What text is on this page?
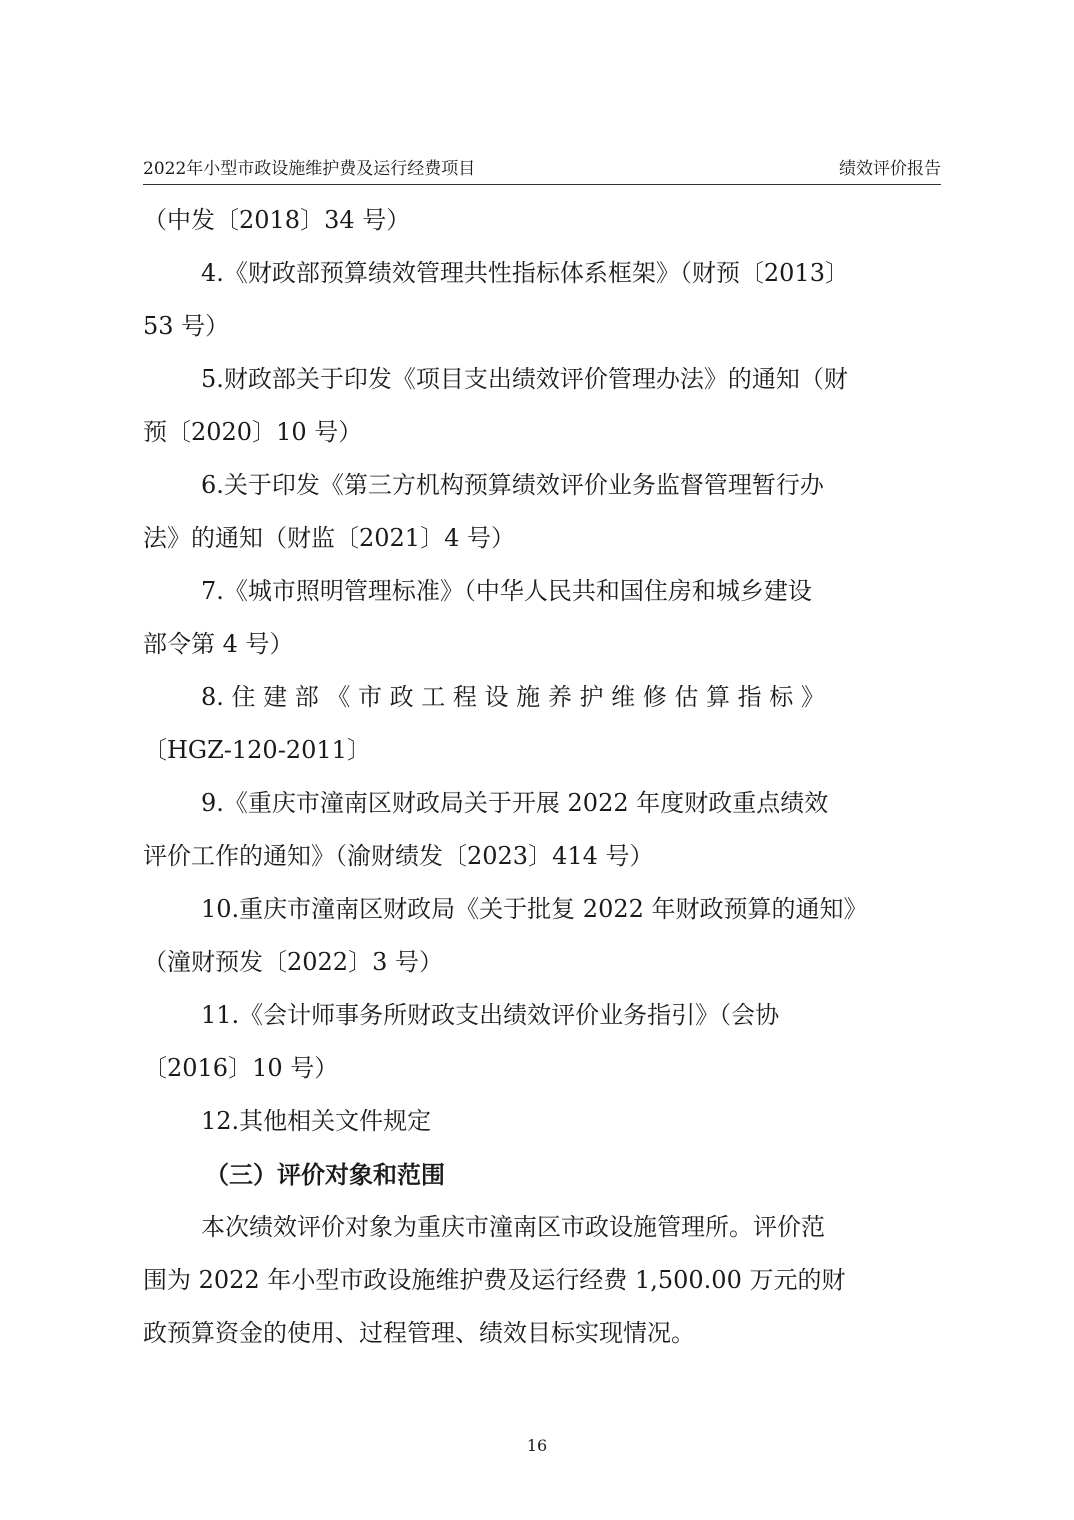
2022年小型市政设施维护费及运行经费项目	绩效评价报告

（中发〔2018〕34 号）

4.《财政部预算绩效管理共性指标体系框架》（财预〔2013〕

53 号）

5.财政部关于印发《项目支出绩效评价管理办法》的通知（财

预〔2020〕10 号）

6.关于印发《第三方机构预算绩效评价业务监督管理暂行办

法》的通知（财监〔2021〕4 号）

7.《城市照明管理标准》（中华人民共和国住房和城乡建设

部令第 4 号）

8. 住 建 部 《 市 政 工 程 设 施 养 护 维 修 估 算 指 标 》

〔HGZ-120-2011〕

9.《重庆市潼南区财政局关于开展 2022 年度财政重点绩效

评价工作的通知》（渝财绩发〔2023〕414 号）

10.重庆市潼南区财政局《关于批复 2022 年财政预算的通知》

（潼财预发〔2022〕3 号）

11.《会计师事务所财政支出绩效评价业务指引》（会协

〔2016〕10 号）

12.其他相关文件规定

（三）评价对象和范围

本次绩效评价对象为重庆市潼南区市政设施管理所。评价范

围为 2022 年小型市政设施维护费及运行经费 1,500.00 万元的财

政预算资金的使用、过程管理、绩效目标实现情况。

16
